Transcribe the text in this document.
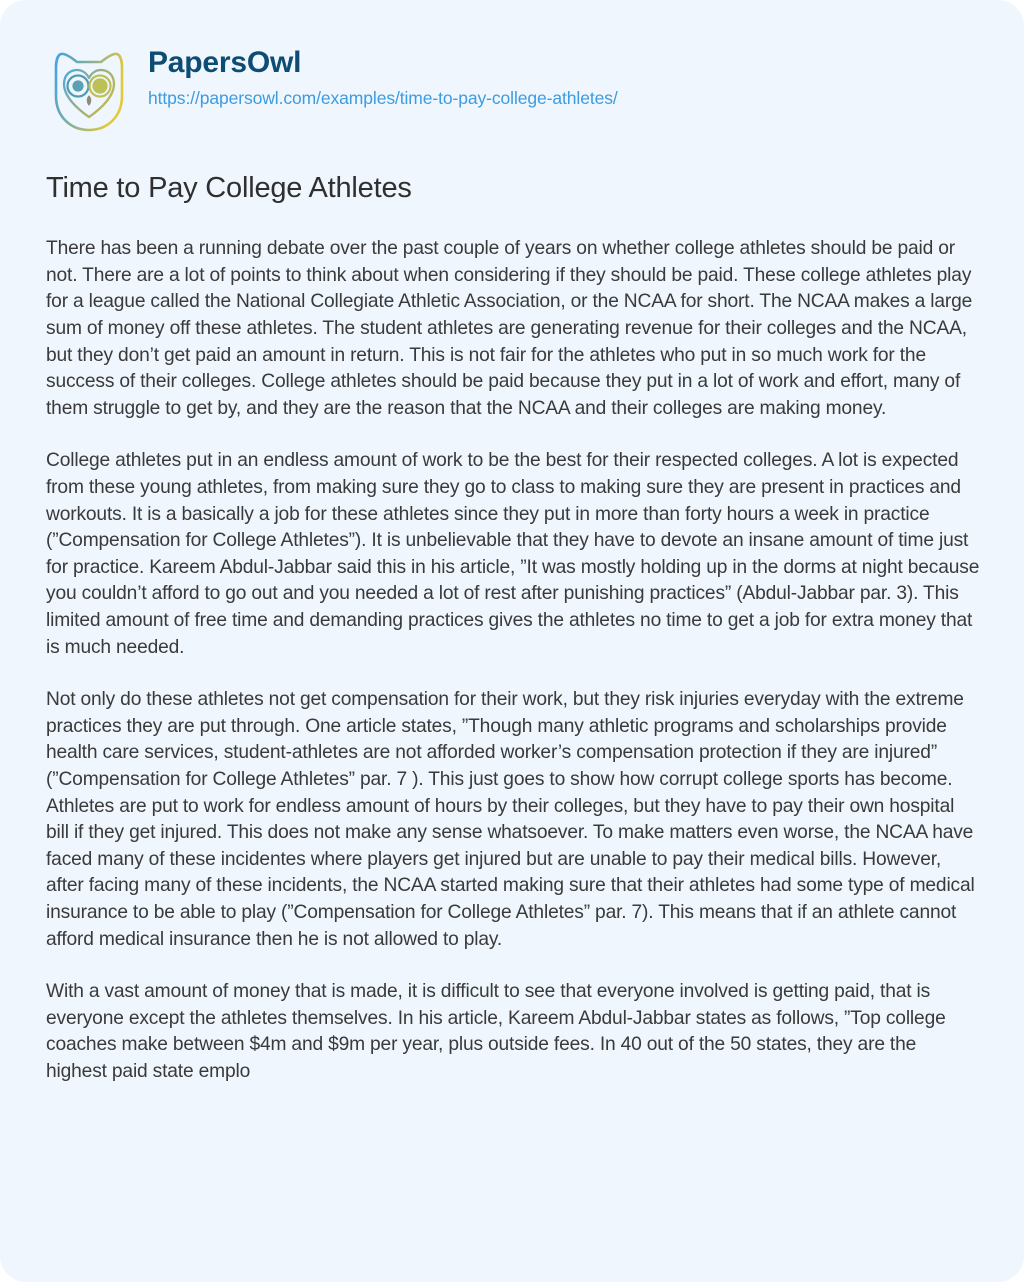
PapersOwl
https://papersowl.com/examples/time-to-pay-college-athletes/
Time to Pay College Athletes

There has been a running debate over the past couple of years on whether college athletes should be paid or not. There are a lot of points to think about when considering if they should be paid. These college athletes play for a league called the National Collegiate Athletic Association, or the NCAA for short. The NCAA makes a large sum of money off these athletes. The student athletes are generating revenue for their colleges and the NCAA, but they don’t get paid an amount in return. This is not fair for the athletes who put in so much work for the success of their colleges. College athletes should be paid because they put in a lot of work and effort, many of them struggle to get by, and they are the reason that the NCAA and their colleges are making money.

College athletes put in an endless amount of work to be the best for their respected colleges. A lot is expected from these young athletes, from making sure they go to class to making sure they are present in practices and workouts. It is a basically a job for these athletes since they put in more than forty hours a week in practice (”Compensation for College Athletes”). It is unbelievable that they have to devote an insane amount of time just for practice. Kareem Abdul-Jabbar said this in his article, ”It was mostly holding up in the dorms at night because you couldn’t afford to go out and you needed a lot of rest after punishing practices” (Abdul-Jabbar par. 3). This limited amount of free time and demanding practices gives the athletes no time to get a job for extra money that is much needed.

Not only do these athletes not get compensation for their work, but they risk injuries everyday with the extreme practices they are put through. One article states, ”Though many athletic programs and scholarships provide health care services, student-athletes are not afforded worker’s compensation protection if they are injured” (”Compensation for College Athletes” par. 7 ). This just goes to show how corrupt college sports has become. Athletes are put to work for endless amount of hours by their colleges, but they have to pay their own hospital bill if they get injured. This does not make any sense whatsoever. To make matters even worse, the NCAA have faced many of these incidentes where players get injured but are unable to pay their medical bills. However, after facing many of these incidents, the NCAA started making sure that their athletes had some type of medical insurance to be able to play (”Compensation for College Athletes” par. 7). This means that if an athlete cannot afford medical insurance then he is not allowed to play.

With a vast amount of money that is made, it is difficult to see that everyone involved is getting paid, that is everyone except the athletes themselves. In his article, Kareem Abdul-Jabbar states as follows, ”Top college coaches make between $4m and $9m per year, plus outside fees. In 40 out of the 50 states, they are the highest paid state emplo
